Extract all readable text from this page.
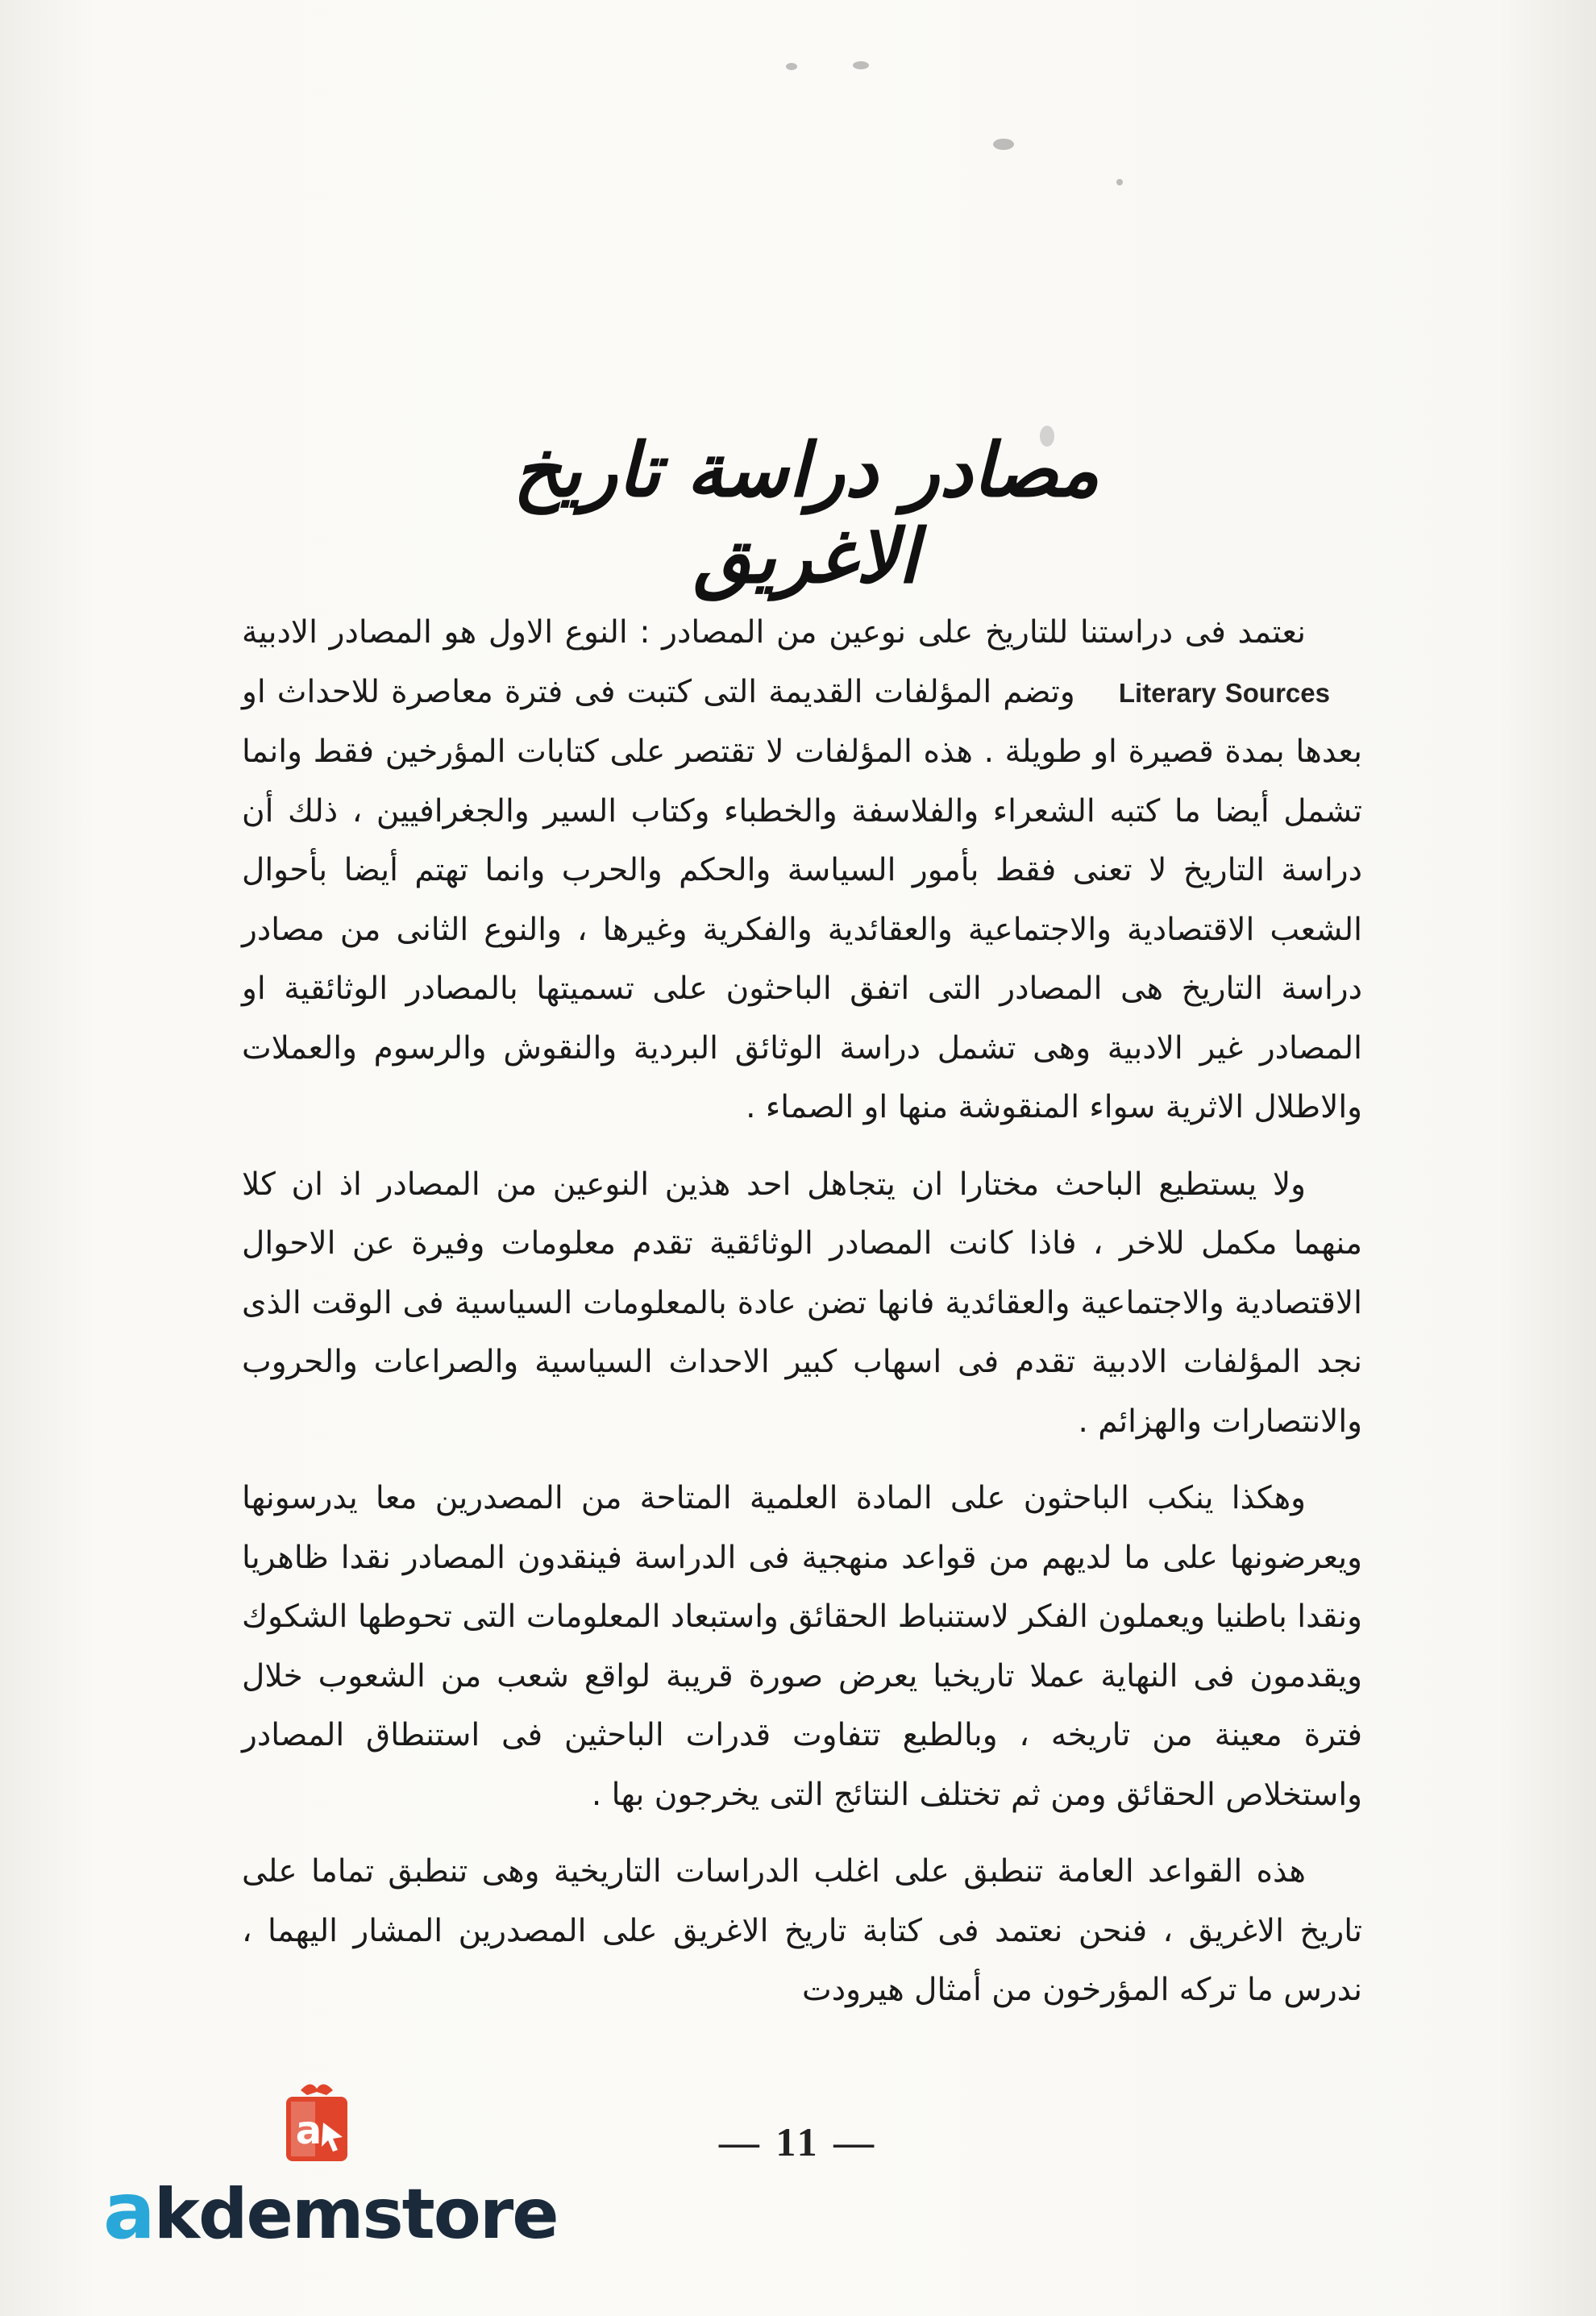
مصادر دراسة تاريخ الاغريق

نعتمد فى دراستنا للتاريخ على نوعين من المصادر : النوع الاول هو المصادر الادبية Literary Sources وتضم المؤلفات القديمة التى كتبت فى فترة معاصرة للاحداث او بعدها بمدة قصيرة او طويلة . هذه المؤلفات لا تقتصر على كتابات المؤرخين فقط وانما تشمل أيضا ما كتبه الشعراء والفلاسفة والخطباء وكتاب السير والجغرافيين ، ذلك أن دراسة التاريخ لا تعنى فقط بأمور السياسة والحكم والحرب وانما تهتم أيضا بأحوال الشعب الاقتصادية والاجتماعية والعقائدية والفكرية وغيرها ، والنوع الثانى من مصادر دراسة التاريخ هى المصادر التى اتفق الباحثون على تسميتها بالمصادر الوثائقية او المصادر غير الادبية وهى تشمل دراسة الوثائق البردية والنقوش والرسوم والعملات والاطلال الاثرية سواء المنقوشة منها او الصماء .

ولا يستطيع الباحث مختارا ان يتجاهل احد هذين النوعين من المصادر اذ ان كلا منهما مكمل للاخر ، فاذا كانت المصادر الوثائقية تقدم معلومات وفيرة عن الاحوال الاقتصادية والاجتماعية والعقائدية فانها تضن عادة بالمعلومات السياسية فى الوقت الذى نجد المؤلفات الادبية تقدم فى اسهاب كبير الاحداث السياسية والصراعات والحروب والانتصارات والهزائم .

وهكذا ينكب الباحثون على المادة العلمية المتاحة من المصدرين معا يدرسونها ويعرضونها على ما لديهم من قواعد منهجية فى الدراسة فينقدون المصادر نقدا ظاهريا ونقدا باطنيا ويعملون الفكر لاستنباط الحقائق واستبعاد المعلومات التى تحوطها الشكوك ويقدمون فى النهاية عملا تاريخيا يعرض صورة قريبة لواقع شعب من الشعوب خلال فترة معينة من تاريخه ، وبالطبع تتفاوت قدرات الباحثين فى استنطاق المصادر واستخلاص الحقائق ومن ثم تختلف النتائج التى يخرجون بها .

هذه القواعد العامة تنطبق على اغلب الدراسات التاريخية وهى تنطبق تماما على تاريخ الاغريق ، فنحن نعتمد فى كتابة تاريخ الاغريق على المصدرين المشار اليهما ، ندرس ما تركه المؤرخون من أمثال هيرودت

— 11 —
a
akdemstore
